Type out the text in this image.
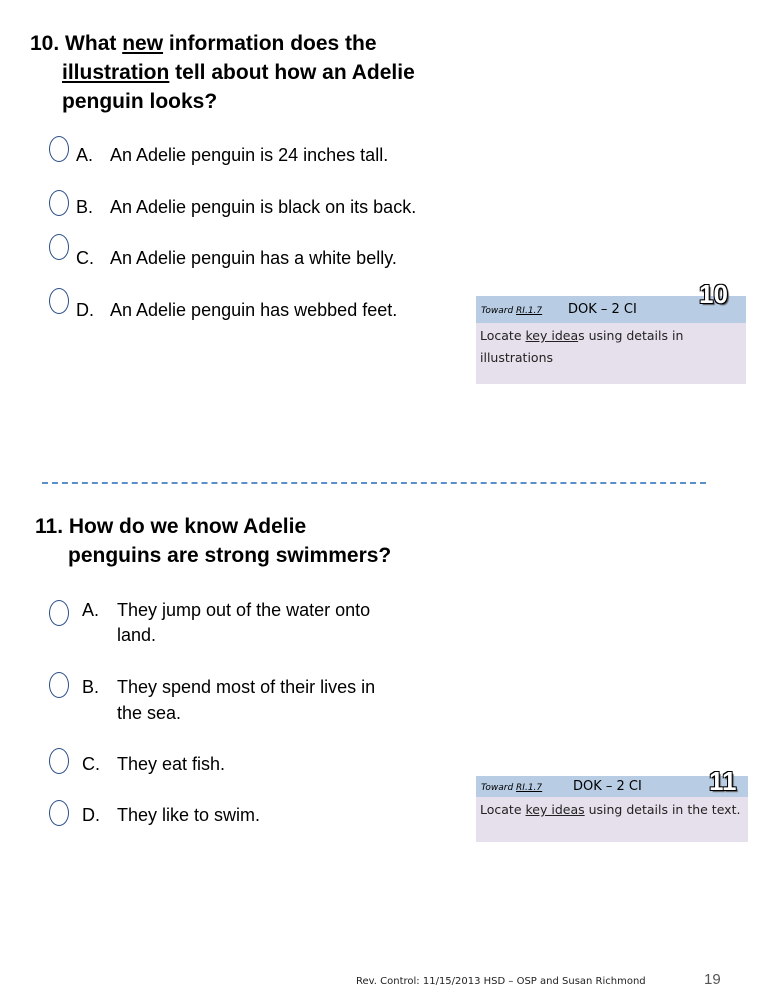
10. What new information does the
illustration tell about how an Adelie
penguin looks?
A. An Adelie penguin is 24 inches tall.
B. An Adelie penguin is black on its back.
C. An Adelie penguin has a white belly.
D. An Adelie penguin has webbed feet.	Toward RI.1.7 DOK – 2 CI
Locate key ideas using details in illustrations
10
11. How do we know Adelie
penguins are strong swimmers?
A. They jump out of the water onto
land.
B. They spend most of their lives in
the sea.
C. They eat fish.
D. They like to swim.
Toward RI.1.7 DOK – 2 CI
Locate key ideas using details in the text.
11
Rev. Control: 11/15/2013 HSD – OSP and Susan Richmond	19
